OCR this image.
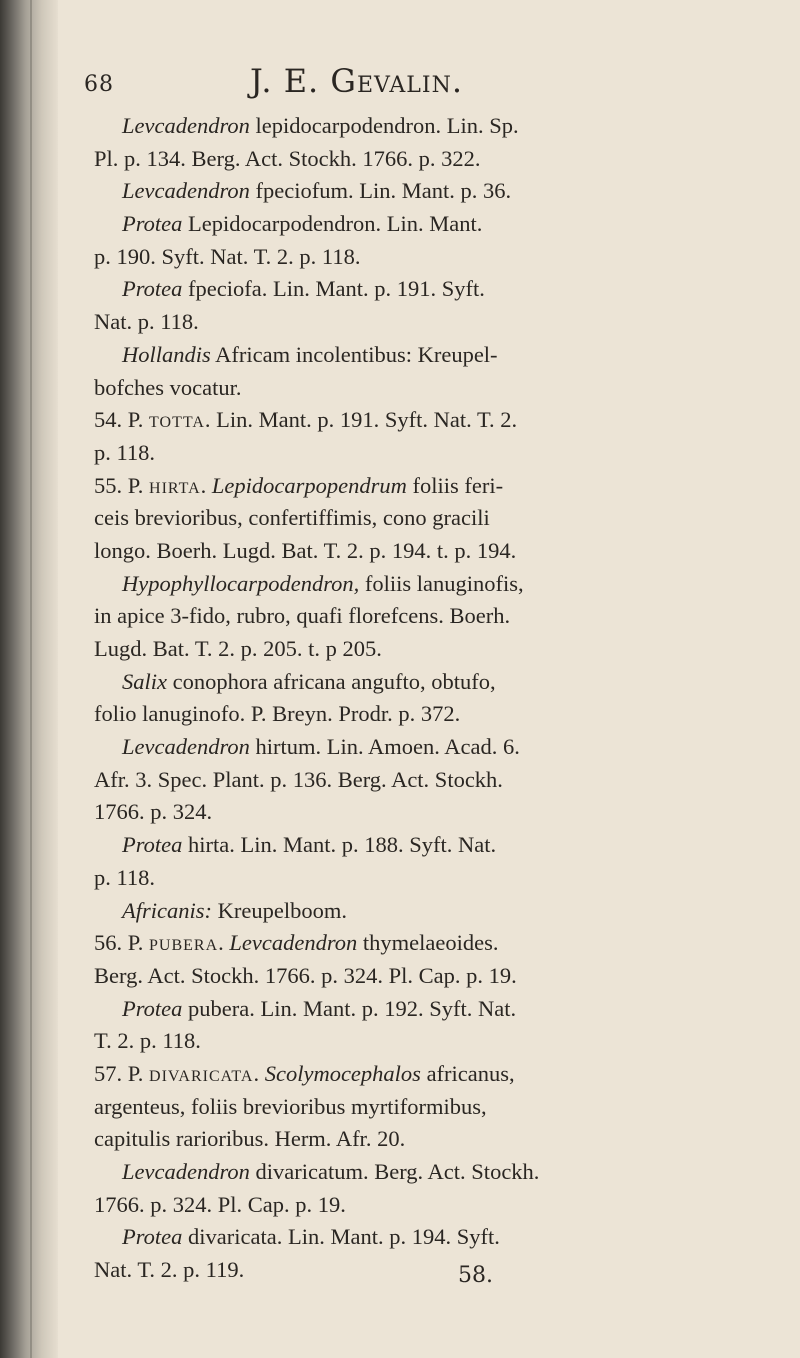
68	J. E. Gevalin.
Levcadendron lepidocarpodendron. Lin. Sp.
Pl. p. 134. Berg. Act. Stockh. 1766. p. 322.
Levcadendron fpeciofum. Lin. Mant. p. 36.
Protea Lepidocarpodendron. Lin. Mant.
p. 190. Syft. Nat. T. 2. p. 118.
Protea fpeciofa. Lin. Mant. p. 191. Syft.
Nat. p. 118.
Hollandis Africam incolentibus: Kreupel-
bofches vocatur.
54. P. totta. Lin. Mant. p. 191. Syft. Nat. T. 2.
p. 118.
55. P. hirta. Lepidocarpopendrum foliis feri-
ceis brevioribus, confertiffimis, cono gracili
longo. Boerh. Lugd. Bat. T. 2. p. 194. t. p. 194.
Hypophyllocarpodendron, foliis lanuginofis,
in apice 3-fido, rubro, quafi florefcens. Boerh.
Lugd. Bat. T. 2. p. 205. t. p 205.
Salix conophora africana angufto, obtufo,
folio lanuginofo. P. Breyn. Prodr. p. 372.
Levcadendron hirtum. Lin. Amoen. Acad. 6.
Afr. 3. Spec. Plant. p. 136. Berg. Act. Stockh.
1766. p. 324.
Protea hirta. Lin. Mant. p. 188. Syft. Nat.
p. 118.
Africanis: Kreupelboom.
56. P. pubera. Levcadendron thymelaeoides.
Berg. Act. Stockh. 1766. p. 324. Pl. Cap. p. 19.
Protea pubera. Lin. Mant. p. 192. Syft. Nat.
T. 2. p. 118.
57. P. divaricata. Scolymocephalos africanus,
argenteus, foliis brevioribus myrtiformibus,
capitulis rarioribus. Herm. Afr. 20.
Levcadendron divaricatum. Berg. Act. Stockh.
1766. p. 324. Pl. Cap. p. 19.
Protea divaricata. Lin. Mant. p. 194. Syft.
Nat. T. 2. p. 119.	58.
